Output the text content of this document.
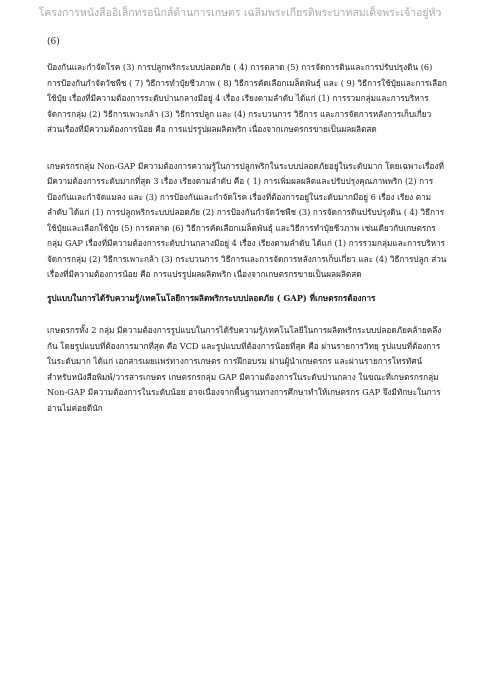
โครงการหนังสืออิเล็กทรอนิกส์ด้านการเกษตร เฉลิมพระเกียรติพระบาทสมเด็จพระเจ้าอยู่หัว
(6)

ป้องกันและกำจัดโรค (3) การปลูกพริกระบบปลอดภัย ( 4) การตลาด (5) การจัดการดินและการปรับปรุงดิน (6) การป้องกันกำจัดวัชพืช ( 7) วิธีการทำปุ๋ยชีวภาพ ( 8) วิธีการคัดเลือกเมล็ดพันธุ์ และ ( 9) วิธีการใช้ปุ๋ยและการเลือกใช้ปุ๋ย เรื่องที่มีความต้องการระดับปานกลางมีอยู่ 4 เรื่อง เรียงตามลำดับ ได้แก่ (1) การรวมกลุ่มและการบริหารจัดการกลุ่ม (2) วิธีการเพาะกล้า (3) วิธีการปลูก และ (4) กระบวนการ วิธีการ และการจัดการหลังการเก็บเกี่ยว ส่วนเรื่องที่มีความต้องการน้อย คือ การแปรรูปผลผลิตพริก เนื่องจากเกษตรกรขายเป็นผลผลิตสด

เกษตรกรกลุ่ม Non-GAP มีความต้องการความรู้ในการปลูกพริกในระบบปลอดภัยอยู่ในระดับมาก โดยเฉพาะเรื่องที่มีความต้องการระดับมากที่สุด 3 เรื่อง เรียงตามลำดับ คือ ( 1) การเพิ่มผลผลิตและปรับปรุงคุณภาพพริก (2) การป้องกันและกำจัดแมลง และ (3) การป้องกันและกำจัดโรค เรื่องที่ต้องการอยู่ในระดับมากมีอยู่ 6 เรื่อง เรียง ตามลำดับ ได้แก่ (1) การปลูกพริกระบบปลอดภัย (2) การป้องกันกำจัดวัชพืช (3) การจัดการดินปรับปรุงดิน ( 4) วิธีการใช้ปุ๋ยและเลือกใช้ปุ๋ย (5) การตลาด (6) วิธีการคัดเลือกเมล็ดพันธุ์ และวิธีการทำปุ๋ยชีวภาพ เช่นเดียวกับเกษตรกรกลุ่ม GAP เรื่องที่มีความต้องการระดับปานกลางมีอยู่ 4 เรื่อง เรียงตามลำดับ ได้แก่ (1) การรวมกลุ่มและการบริหารจัดการกลุ่ม (2) วิธีการเพาะกล้า (3) กระบวนการ วิธีการและการจัดการหลังการเก็บเกี่ยว และ (4) วิธีการปลูก ส่วนเรื่องที่มีความต้องการน้อย คือ การแปรรูปผลผลิตพริก เนื่องจากเกษตรกรขายเป็นผลผลิตสด

รูปแบบในการได้รับความรู้/เทคโนโลยีการผลิตพริกระบบปลอดภัย ( GAP) ที่เกษตรกรต้องการ

เกษตรกรทั้ง 2 กลุ่ม มีความต้องการรูปแบบในการได้รับความรู้/เทคโนโลยีในการผลิตพริกระบบปลอดภัยคล้ายคลึงกัน โดยรูปแบบที่ต้องการมากที่สุด คือ VCD และรูปแบบที่ต้องการน้อยที่สุด คือ ผ่านรายการวิทยุ รูปแบบที่ต้องการในระดับมาก ได้แก่ เอกสารเผยแพร่ทางการเกษตร การฝึกอบรม ผ่านผู้นำเกษตรกร และผ่านรายการโทรทัศน์ สำหรับหนังสือพิมพ์/วารสารเกษตร เกษตรกรกลุ่ม GAP มีความต้องการในระดับปานกลาง ในขณะที่เกษตรกรกลุ่ม Non-GAP มีความต้องการในระดับน้อย อาจเนื่องจากพื้นฐานทางการศึกษาทำให้เกษตรกร GAP จึงมีทักษะในการอ่านไม่ค่อยดีนัก
